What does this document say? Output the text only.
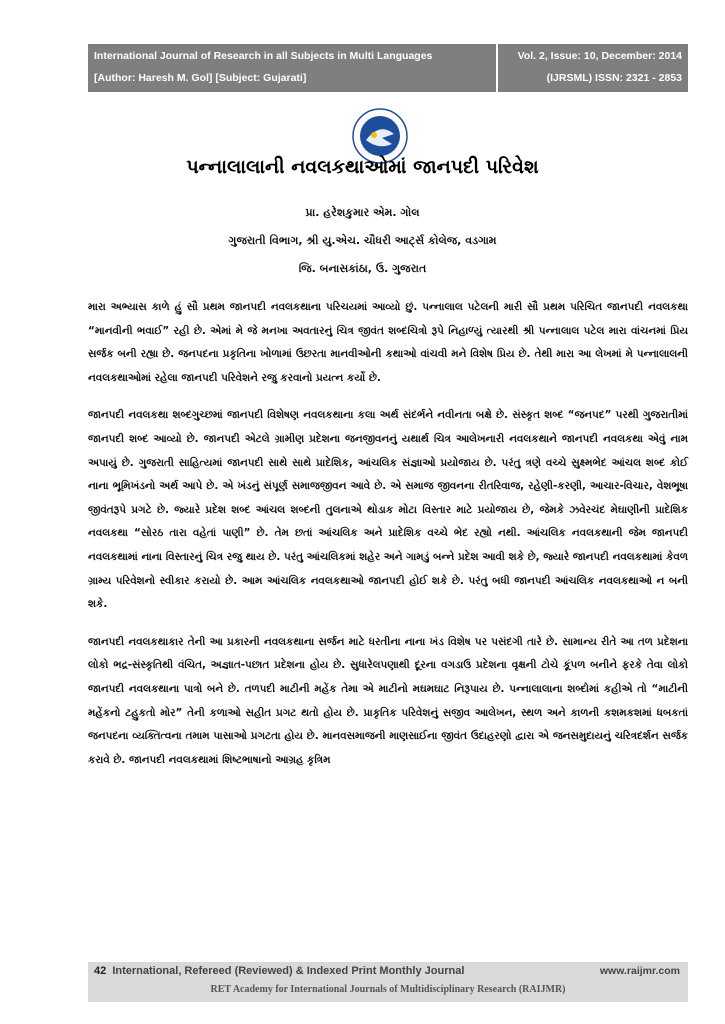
International Journal of Research in all Subjects in Multi Languages
[Author: Haresh M. Gol] [Subject: Gujarati]
Vol. 2, Issue: 10, December: 2014
(IJRSML) ISSN: 2321 - 2853
પન્નાલાલાની નવલકથાઓમાં જાનપદી પરિવેશ
પ્રા. હરેશકુમાર એમ. ગોલ
ગુજરાતી વિભાગ, શ્રી યુ.એચ. ચૌધરી આર્ટ્સ કોલેજ, વડગામ
જિ. બનાસકાંઠા, ઉ. ગુજરાત

મારા અભ્યાસ કાળે હું સૌ પ્રથમ જાનપદી નવલકથાના પરિચયમાં આવ્યો છું. પન્નાલાલ પટેલની મારી સૌ પ્રથમ પરિચિત જાનપદી નવલકથા “માનવીની ભવાઈ” રહી છે. એમાં મે જે મનખા અવતારનું ચિત્ર જીવંત શબ્દચિત્રો રૂપે નિહાળ્યું ત્યારથી શ્રી પન્નાલાલ પટેલ મારા વાંચનમાં પ્રિય સર્જક બની રહ્યા છે. જનપદના પ્રકૃતિના ખોળામાં ઉછરતા માનવીઓની કથાઓ વાંચવી મને વિશેષ પ્રિય છે. તેથી મારા આ લેખમાં મે પન્નાલાલની નવલકથાઓમાં રહેલા જાનપદી પરિવેશને રજુ કરવાનો પ્રયત્ન કર્યો છે.

જાનપદી નવલકથા શબ્દગુચ્છમાં જાનપદી વિશેષણ નવલકથાના કલા અર્થ સંદર્ભને નવીનતા બક્ષે છે. સંસ્કૃત શબ્દ “જનપદ” પરથી ગુજરાતીમાં જાનપદી શબ્દ આવ્યો છે. જાનપદી એટલે ગ્રામીણ પ્રદેશના જનજીવનનું યથાર્થ ચિત્ર આલેખનારી નવલકથાને જાનપદી નવલકથા એવું નામ અપાયું છે. ગુજરાતી સાહિત્યમાં જાનપદી સાથે સાથે પ્રાદેશિક, આંચલિક સંજ્ઞાઓ પ્રયોજાય છે. પરંતુ ત્રણે વચ્ચે સુક્ષ્મભેદ આંચલ શબ્દ કોઈ નાના ભૂમિખંડનો અર્થ આપે છે. એ ખંડનું સંપૂર્ણ સમાજજીવન આવે છે. એ સમાજ જીવનના રીતરિવાજ, રહેણી-કરણી, આચાર-વિચાર, વેશભૂષા જીવંતરૂપે પ્રગટે છે. જ્યારે પ્રદેશ શબ્દ આંચલ શબ્દની તુલનાએ થોડાક મોટા વિસ્તાર માટે પ્રયોજાય છે, જેમકે ઝવેરચંદ મેઘાણીની પ્રાદેશિક નવલકથા “સોરઠ તારા વહેતાં પાણી” છે. તેમ છતાં આંચલિક અને પ્રાદેશિક વચ્ચે ભેદ રહ્યો નથી. આંચલિક નવલકથાની જેમ જાનપદી નવલકથામાં નાના વિસ્તારનું ચિત્ર રજુ થાય છે. પરંતુ આંચલિકમાં શહેર અને ગામડું બન્ને પ્રદેશ આવી શકે છે, જ્યારે જાનપદી નવલકથામાં કેવળ ગ્રામ્ય પરિવેશનો સ્વીકાર કરાયો છે. આમ આંચલિક નવલકથાઓ જાનપદી હોઈ શકે છે. પરંતુ બધી જાનપદી આંચલિક નવલકથાઓ ન બની શકે.

જાનપદી નવલકથાકાર તેની આ પ્રકારની નવલકથાના સર્જન માટે ધરતીના નાના ખંડ વિશેષ પર પસંદગી તારે છે. સામાન્ય રીતે આ તળ પ્રદેશના લોકો ભદ્ર-સંસ્કૃતિથી વંચિત, અજ્ઞાત-પછાત પ્રદેશના હોય છે. સુધારેલપણાથી દૂરના વગડાઉ પ્રદેશના વૃક્ષની ટોચે કૂંપળ બનીને ફરકે તેવા લોકો જાનપદી નવલકથાના પાત્રો બને છે. તળપદી માટીની મહેંક તેમા એ માટીનો મઘમઘાટ નિરૂપાય છે. પન્નાલાલાના શબ્દોમાં કહીએ તો “માટીની મહેંકનો ટહુકતો મોર” તેની કળાઓ સહીત પ્રગટ થતો હોય છે. પ્રાકૃતિક પરિવેશનું સજીવ આલેખન, સ્થળ અને કાળની કશમકશમાં ધબકતાં જનપદના વ્યક્તિત્વના તમામ પાસાઓ પ્રગટતા હોય છે. માનવસમાજની માણસાઈના જીવંત ઉદાહરણો દ્વારા એ જનસમુદાયનું ચરિત્રદર્શન સર્જક કરાવે છે. જાનપદી નવલકથામાં શિષ્ટભાષાનો આગ્રહ કૃત્રિમ

42 International, Refereed (Reviewed) & Indexed Print Monthly Journal	www.raijmr.com
RET Academy for International Journals of Multidisciplinary Research (RAIJMR)
